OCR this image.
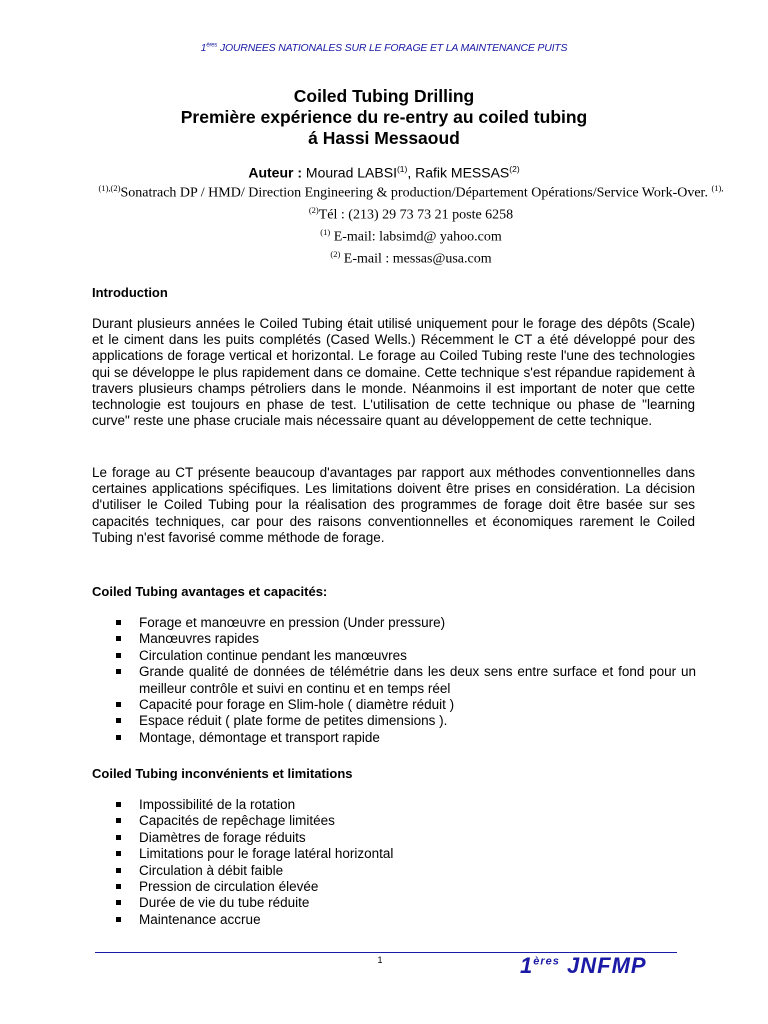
1ères JOURNEES NATIONALES SUR LE FORAGE ET LA MAINTENANCE PUITS
Coiled Tubing Drilling
Première expérience du re-entry au coiled tubing
á Hassi Messaoud
Auteur : Mourad LABSI$^{(1)}$, Rafik MESSAS$^{(2)}$
$^{(1),(2)}$Sonatrach DP / HMD/ Direction Engineering & production/Département Opérations/Service Work-Over. $^{(1),(2)}$Tél : (213) 29 73 73 21 poste 6258
$^{(1)}$ E-mail: labsimd@ yahoo.com
$^{(2)}$ E-mail : messas@usa.com
Introduction
Durant plusieurs années le Coiled Tubing était utilisé uniquement pour le forage des dépôts (Scale) et le ciment dans les puits complétés (Cased Wells.) Récemment le CT a été développé pour des applications de forage vertical et horizontal. Le forage au Coiled Tubing reste l'une des technologies qui se développe le plus rapidement dans ce domaine. Cette technique s'est répandue rapidement à travers plusieurs champs pétroliers dans le monde. Néanmoins il est important de noter que cette technologie est toujours en phase de test. L'utilisation de cette technique ou phase de "learning curve" reste une phase cruciale mais nécessaire quant au développement de cette technique.
Le forage au CT présente beaucoup d'avantages par rapport aux méthodes conventionnelles dans certaines applications spécifiques. Les limitations doivent être prises en considération. La décision d'utiliser le Coiled Tubing pour la réalisation des programmes de forage doit être basée sur ses capacités techniques, car pour des raisons conventionnelles et économiques rarement le Coiled Tubing n'est favorisé comme méthode de forage.
Coiled Tubing avantages et capacités:
Forage et manœuvre en pression (Under pressure)
Manœuvres rapides
Circulation continue pendant les manœuvres
Grande qualité de données de télémétrie dans les deux sens entre surface et fond pour un meilleur contrôle et suivi en continu et en temps réel
Capacité pour forage en Slim-hole ( diamètre réduit )
Espace réduit ( plate forme de petites dimensions ).
Montage, démontage et transport rapide
Coiled Tubing inconvénients et limitations
Impossibilité de la rotation
Capacités de repêchage limitées
Diamètres de forage réduits
Limitations pour le forage latéral horizontal
Circulation à débit faible
Pression de circulation élevée
Durée de vie du tube réduite
Maintenance accrue
1	1ères JNFMP
